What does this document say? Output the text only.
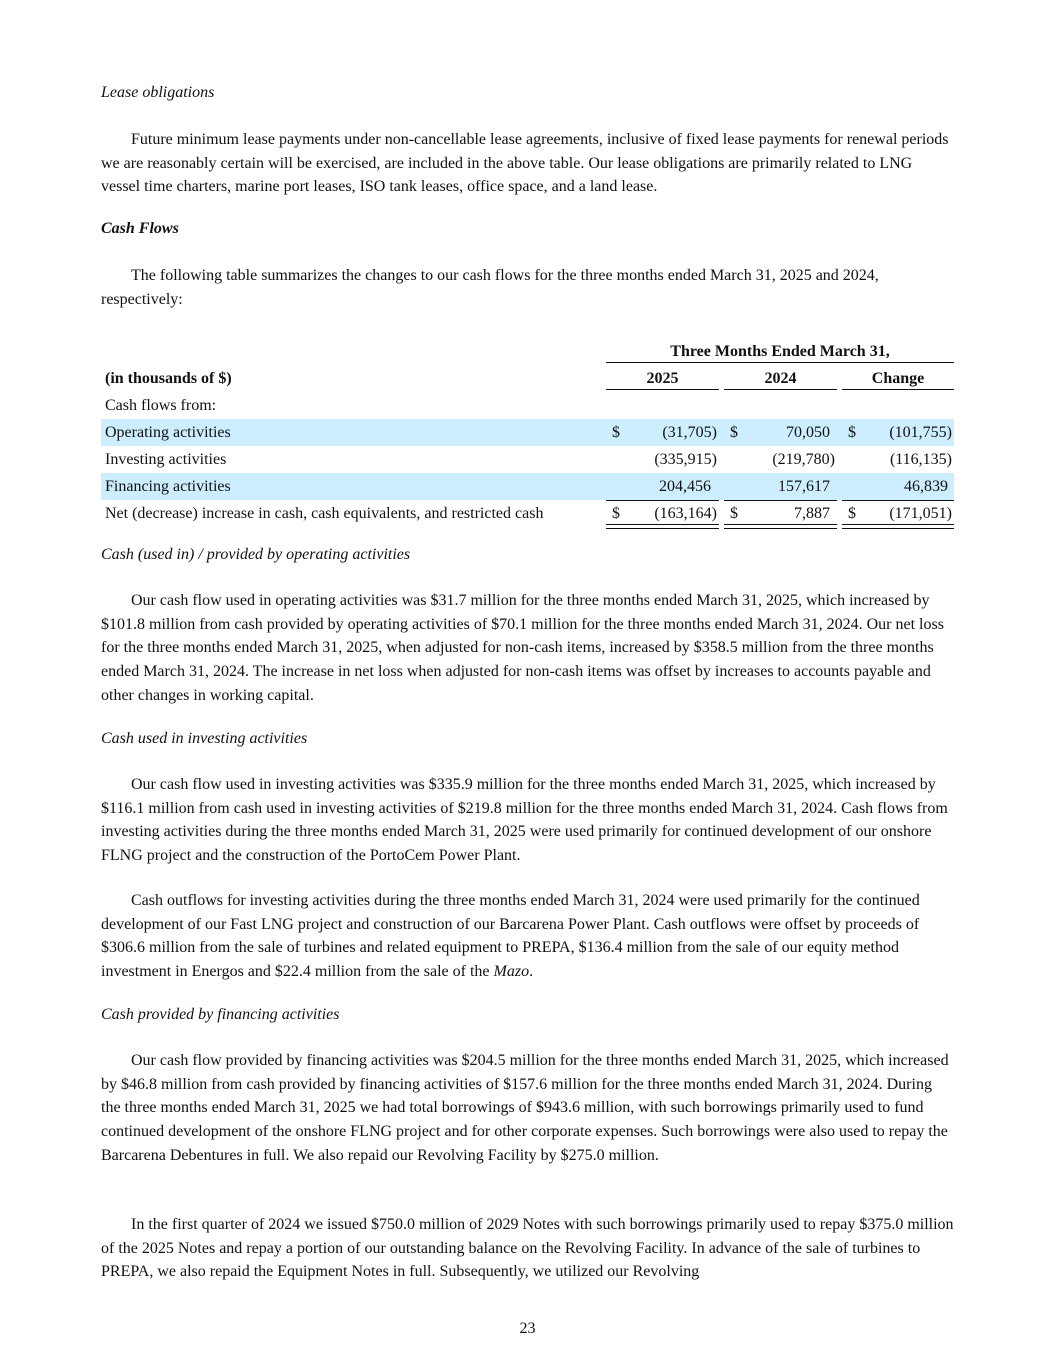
Lease obligations

Future minimum lease payments under non-cancellable lease agreements, inclusive of fixed lease payments for renewal periods we are reasonably certain will be exercised, are included in the above table. Our lease obligations are primarily related to LNG vessel time charters, marine port leases, ISO tank leases, office space, and a land lease.

Cash Flows

The following table summarizes the changes to our cash flows for the three months ended March 31, 2025 and 2024, respectively:

Three Months Ended March 31,
(in thousands of $)	2025	2024	Change
Cash flows from:
Operating activities	$	(31,705) $	70,050 $	(101,755)
Investing activities	(335,915)	(219,780)	(116,135)
Financing activities	204,456	157,617	46,839
Net (decrease) increase in cash, cash equivalents, and restricted cash	$	(163,164) $	7,887 $	(171,051)

Cash (used in) / provided by operating activities

Our cash flow used in operating activities was $31.7 million for the three months ended March 31, 2025, which increased by $101.8 million from cash provided by operating activities of $70.1 million for the three months ended March 31, 2024. Our net loss for the three months ended March 31, 2025, when adjusted for non-cash items, increased by $358.5 million from the three months ended March 31, 2024. The increase in net loss when adjusted for non-cash items was offset by increases to accounts payable and other changes in working capital.

Cash used in investing activities

Our cash flow used in investing activities was $335.9 million for the three months ended March 31, 2025, which increased by $116.1 million from cash used in investing activities of $219.8 million for the three months ended March 31, 2024. Cash flows from investing activities during the three months ended March 31, 2025 were used primarily for continued development of our onshore FLNG project and the construction of the PortoCem Power Plant.

Cash outflows for investing activities during the three months ended March 31, 2024 were used primarily for the continued development of our Fast LNG project and construction of our Barcarena Power Plant. Cash outflows were offset by proceeds of $306.6 million from the sale of turbines and related equipment to PREPA, $136.4 million from the sale of our equity method investment in Energos and $22.4 million from the sale of the Mazo.

Cash provided by financing activities

Our cash flow provided by financing activities was $204.5 million for the three months ended March 31, 2025, which increased by $46.8 million from cash provided by financing activities of $157.6 million for the three months ended March 31, 2024. During the three months ended March 31, 2025 we had total borrowings of $943.6 million, with such borrowings primarily used to fund continued development of the onshore FLNG project and for other corporate expenses. Such borrowings were also used to repay the Barcarena Debentures in full. We also repaid our Revolving Facility by $275.0 million.

In the first quarter of 2024 we issued $750.0 million of 2029 Notes with such borrowings primarily used to repay $375.0 million of the 2025 Notes and repay a portion of our outstanding balance on the Revolving Facility. In advance of the sale of turbines to PREPA, we also repaid the Equipment Notes in full. Subsequently, we utilized our Revolving

23
